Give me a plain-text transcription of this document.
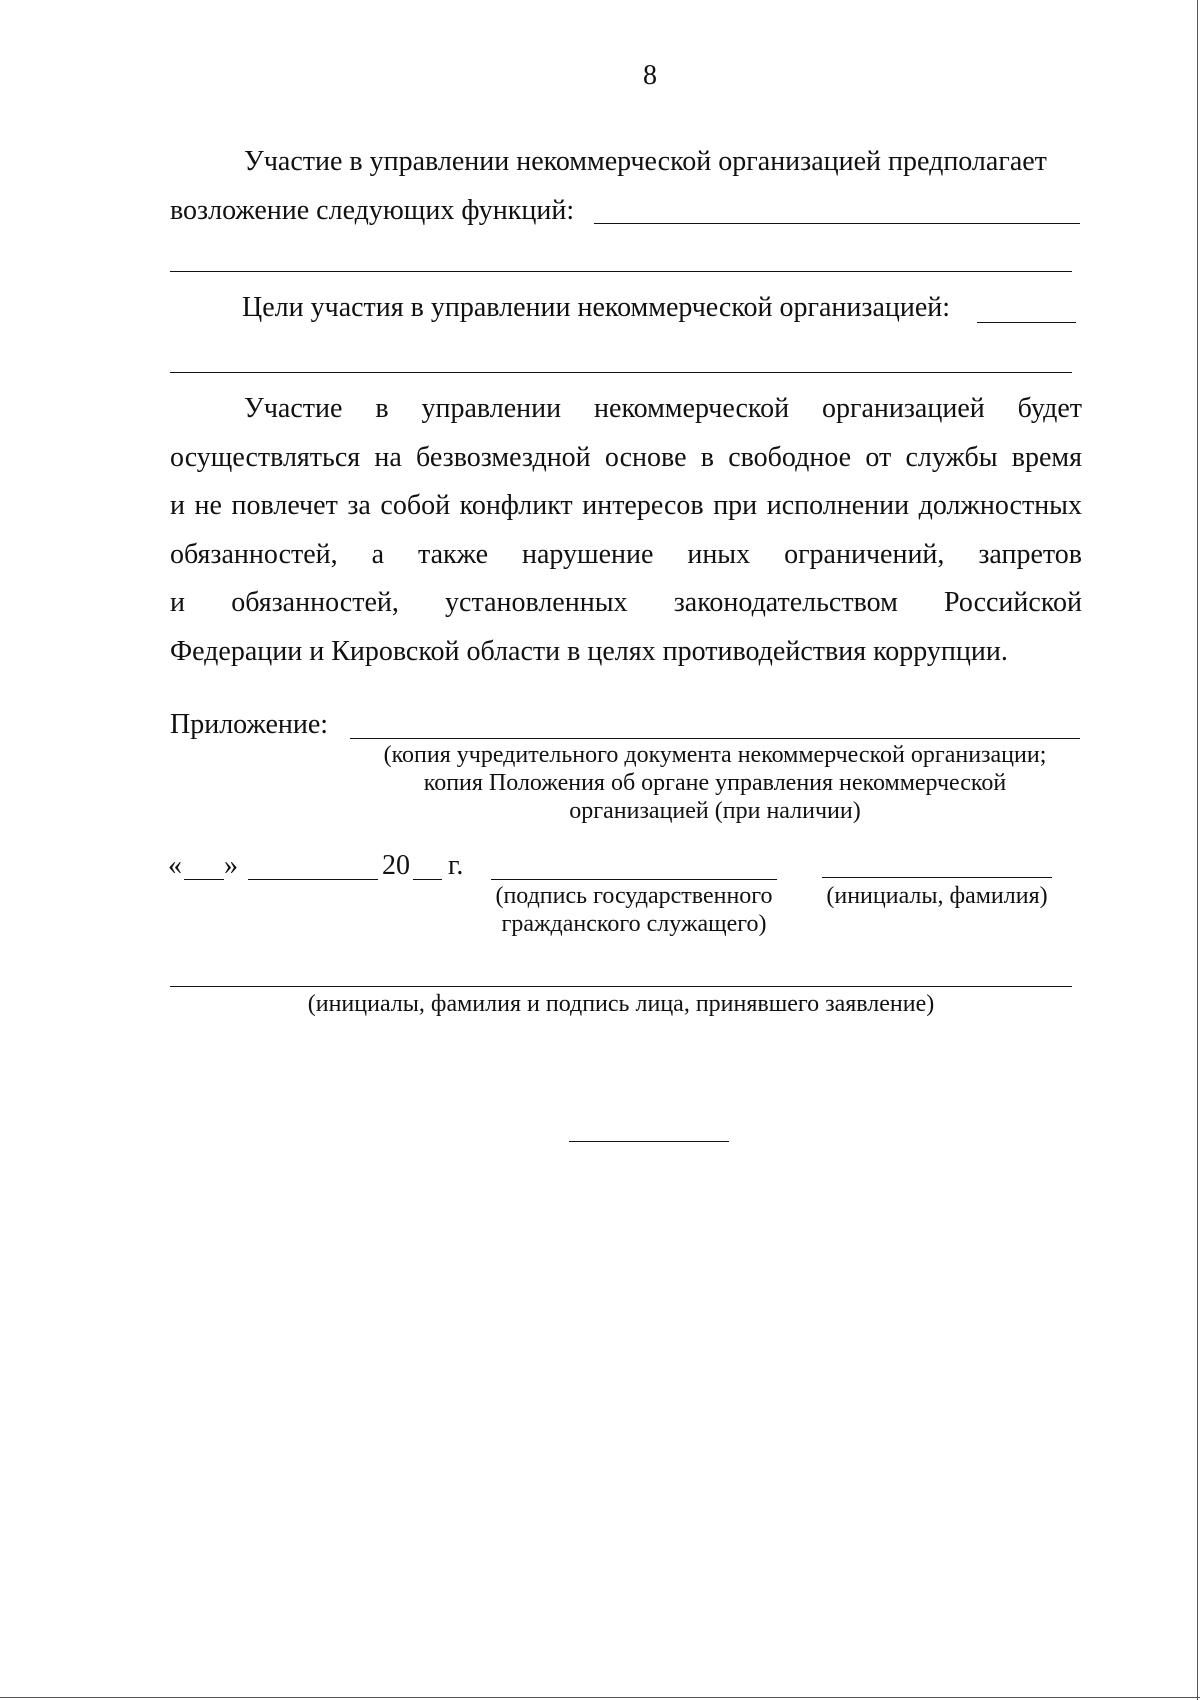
8
Участие в управлении некоммерческой организацией предполагает
возложение следующих функций:
Цели участия в управлении некоммерческой организацией:
Участие в управлении некоммерческой организацией будет
осуществляться на безвозмездной основе в свободное от службы время
и не повлечет за собой конфликт интересов при исполнении должностных
обязанностей, а также нарушение иных ограничений, запретов
и обязанностей, установленных законодательством Российской
Федерации и Кировской области в целях противодействия коррупции.
Приложение:
(копия учредительного документа некоммерческой организации;
копия Положения об органе управления некоммерческой
организацией (при наличии)
« »	20 г.
(подпись государственного
гражданского служащего)
(инициалы, фамилия)
(инициалы, фамилия и подпись лица, принявшего заявление)
